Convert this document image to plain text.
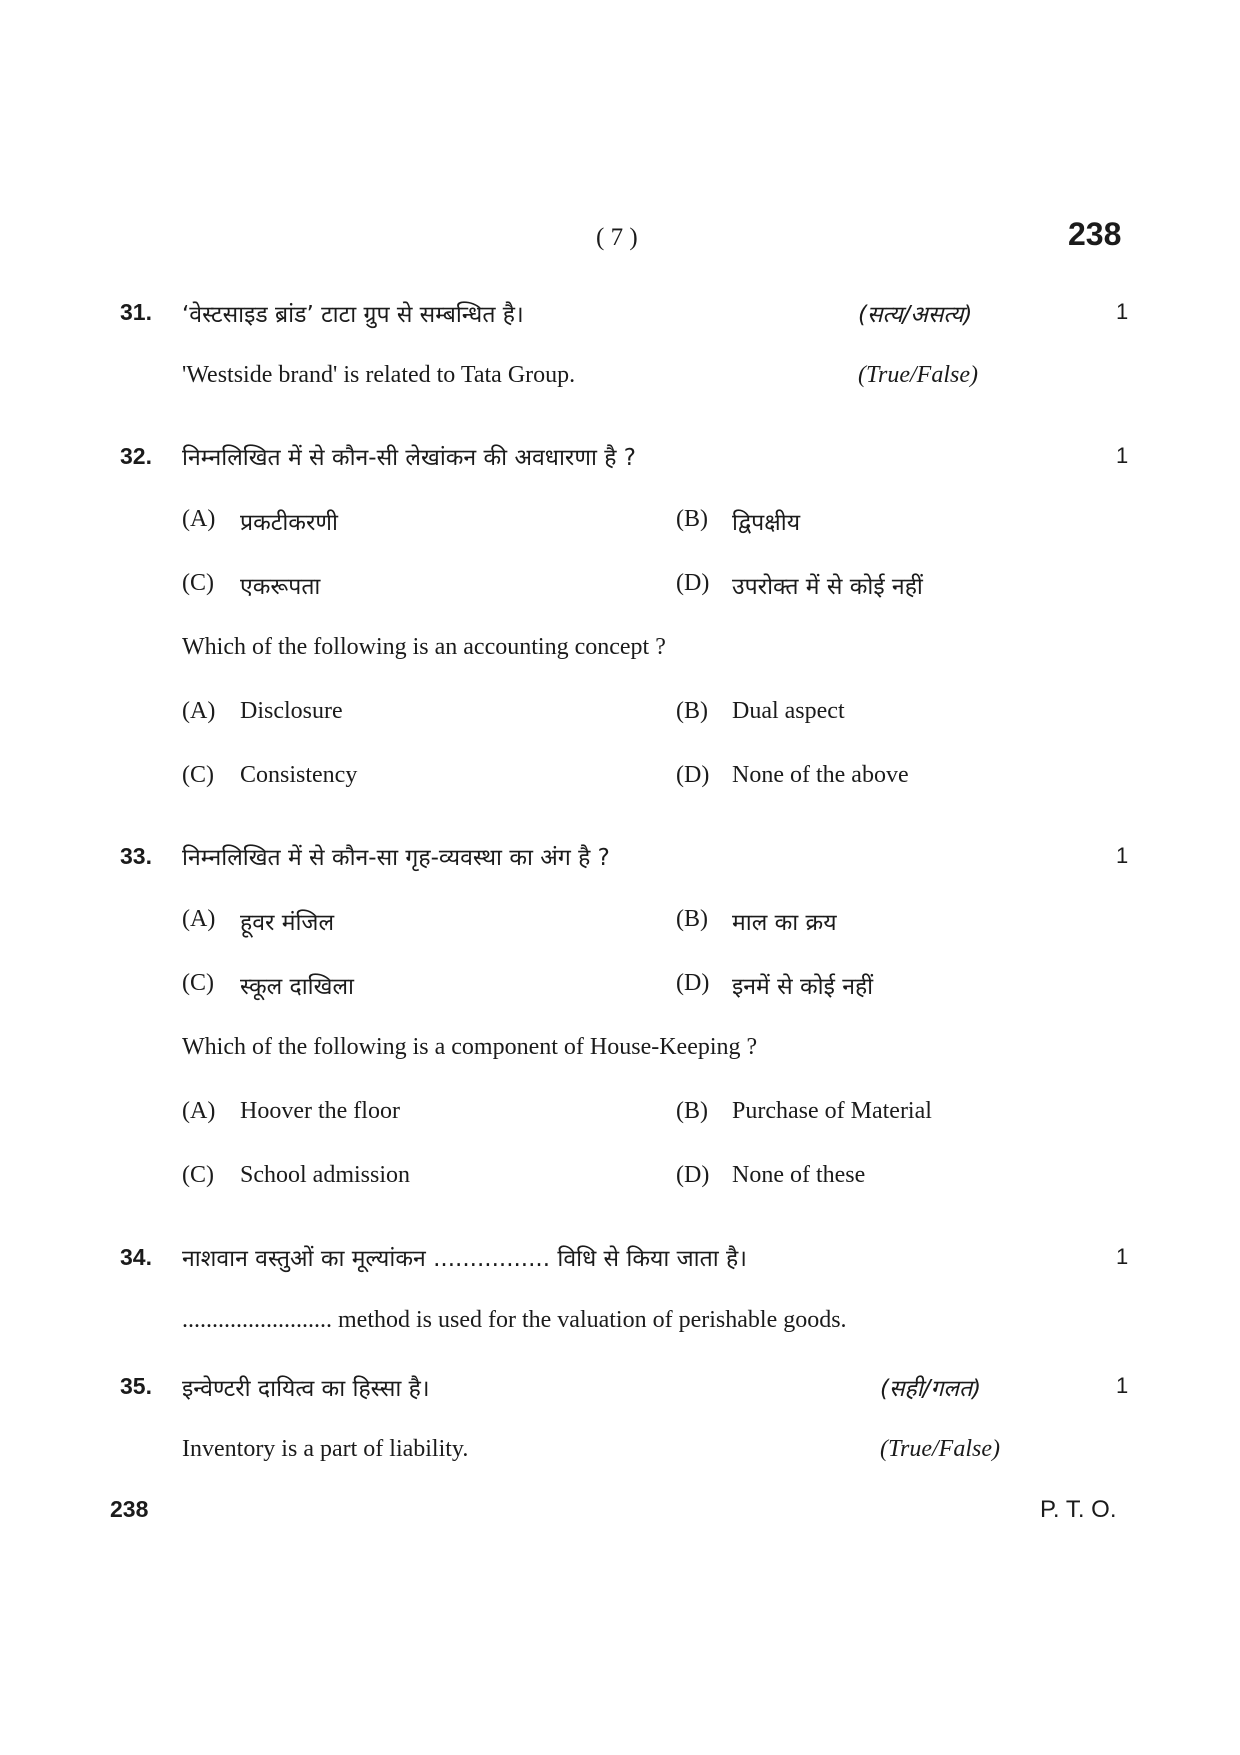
( 7 )	238
31. ‘वेस्टसाइड ब्रांड’ टाटा ग्रुप से सम्बन्धित है।	(सत्य/असत्य)	1
'Westside brand' is related to Tata Group.	(True/False)
32. निम्नलिखित में से कौन-सी लेखांकन की अवधारणा है ?	1
(A) प्रकटीकरणी	(B) द्विपक्षीय
(C) एकरूपता	(D) उपरोक्त में से कोई नहीं
Which of the following is an accounting concept ?
(A) Disclosure	(B) Dual aspect
(C) Consistency	(D) None of the above
33. निम्नलिखित में से कौन-सा गृह-व्यवस्था का अंग है ?	1
(A) हूवर मंजिल	(B) माल का क्रय
(C) स्कूल दाखिला	(D) इनमें से कोई नहीं
Which of the following is a component of House-Keeping ?
(A) Hoover the floor	(B) Purchase of Material
(C) School admission	(D) None of these
34. नाशवान वस्तुओं का मूल्यांकन ................ विधि से किया जाता है।	1
......................... method is used for the valuation of perishable goods.
35. इन्वेण्टरी दायित्व का हिस्सा है।	(सही/गलत)	1
Inventory is a part of liability.	(True/False)
238	P. T. O.
